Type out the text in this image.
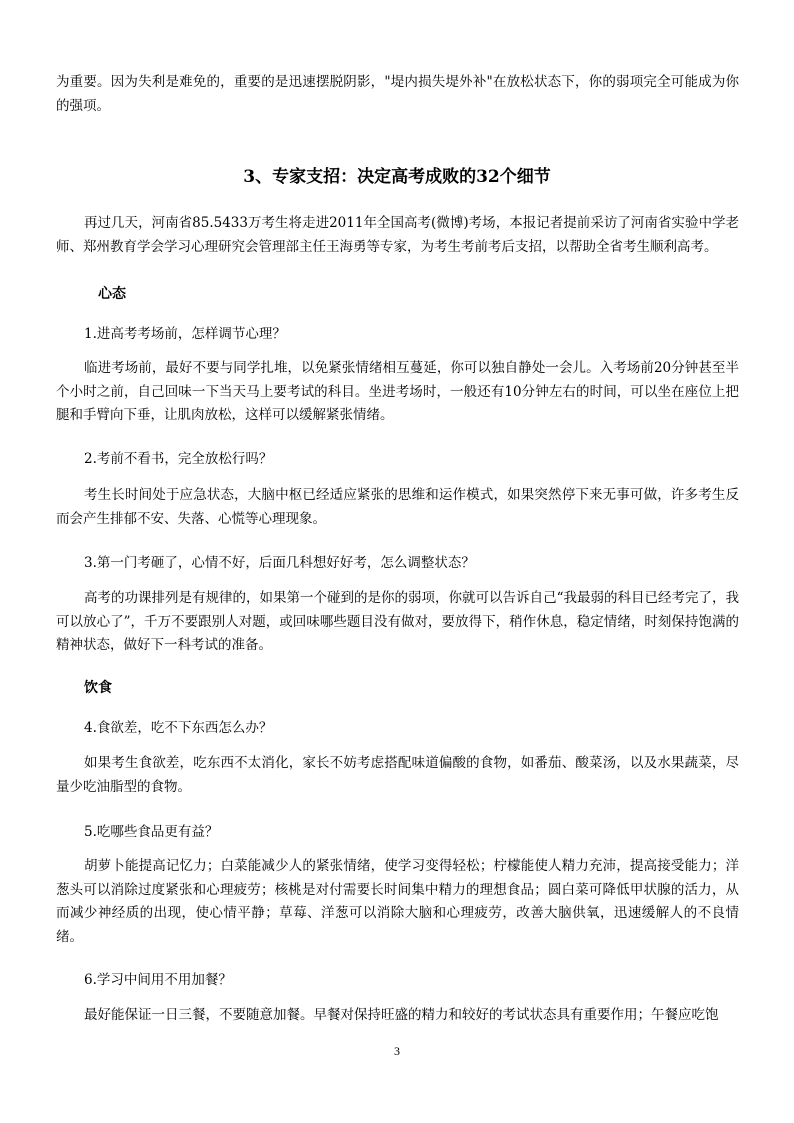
为重要。因为失利是难免的，重要的是迅速摆脱阴影，"堤内损失堤外补"在放松状态下，你的弱项完全可能成为你的强项。

3、专家支招：决定高考成败的32个细节

再过几天，河南省85.5433万考生将走进2011年全国高考(微博)考场，本报记者提前采访了河南省实验中学老师、郑州教育学会学习心理研究会管理部主任王海勇等专家，为考生考前考后支招，以帮助全省考生顺利高考。

心态
1.进高考考场前，怎样调节心理？

临进考场前，最好不要与同学扎堆，以免紧张情绪相互蔓延，你可以独自静处一会儿。入考场前20分钟甚至半个小时之前，自己回味一下当天马上要考试的科目。坐进考场时，一般还有10分钟左右的时间，可以坐在座位上把腿和手臂向下垂，让肌肉放松，这样可以缓解紧张情绪。

2.考前不看书，完全放松行吗？

考生长时间处于应急状态，大脑中枢已经适应紧张的思维和运作模式，如果突然停下来无事可做，许多考生反而会产生排郁不安、失落、心慌等心理现象。

3.第一门考砸了，心情不好，后面几科想好好考，怎么调整状态？

高考的功课排列是有规律的，如果第一个碰到的是你的弱项，你就可以告诉自己“我最弱的科目已经考完了，我可以放心了”，千万不要跟别人对题，或回味哪些题目没有做对，要放得下，稍作休息，稳定情绪，时刻保持饱满的精神状态，做好下一科考试的准备。

饮食
4.食欲差，吃不下东西怎么办？

如果考生食欲差，吃东西不太消化，家长不妨考虑搭配味道偏酸的食物，如番茄、酸菜汤，以及水果蔬菜，尽量少吃油脂型的食物。

5.吃哪些食品更有益？

胡萝卜能提高记忆力；白菜能减少人的紧张情绪，使学习变得轻松；柠檬能使人精力充沛，提高接受能力；洋葱头可以消除过度紧张和心理疲劳；核桃是对付需要长时间集中精力的理想食品；圆白菜可降低甲状腺的活力，从而减少神经质的出现，使心情平静；草莓、洋葱可以消除大脑和心理疲劳，改善大脑供氧，迅速缓解人的不良情绪。

6.学习中间用不用加餐？

最好能保证一日三餐，不要随意加餐。早餐对保持旺盛的精力和较好的考试状态具有重要作用；午餐应吃饱

3
